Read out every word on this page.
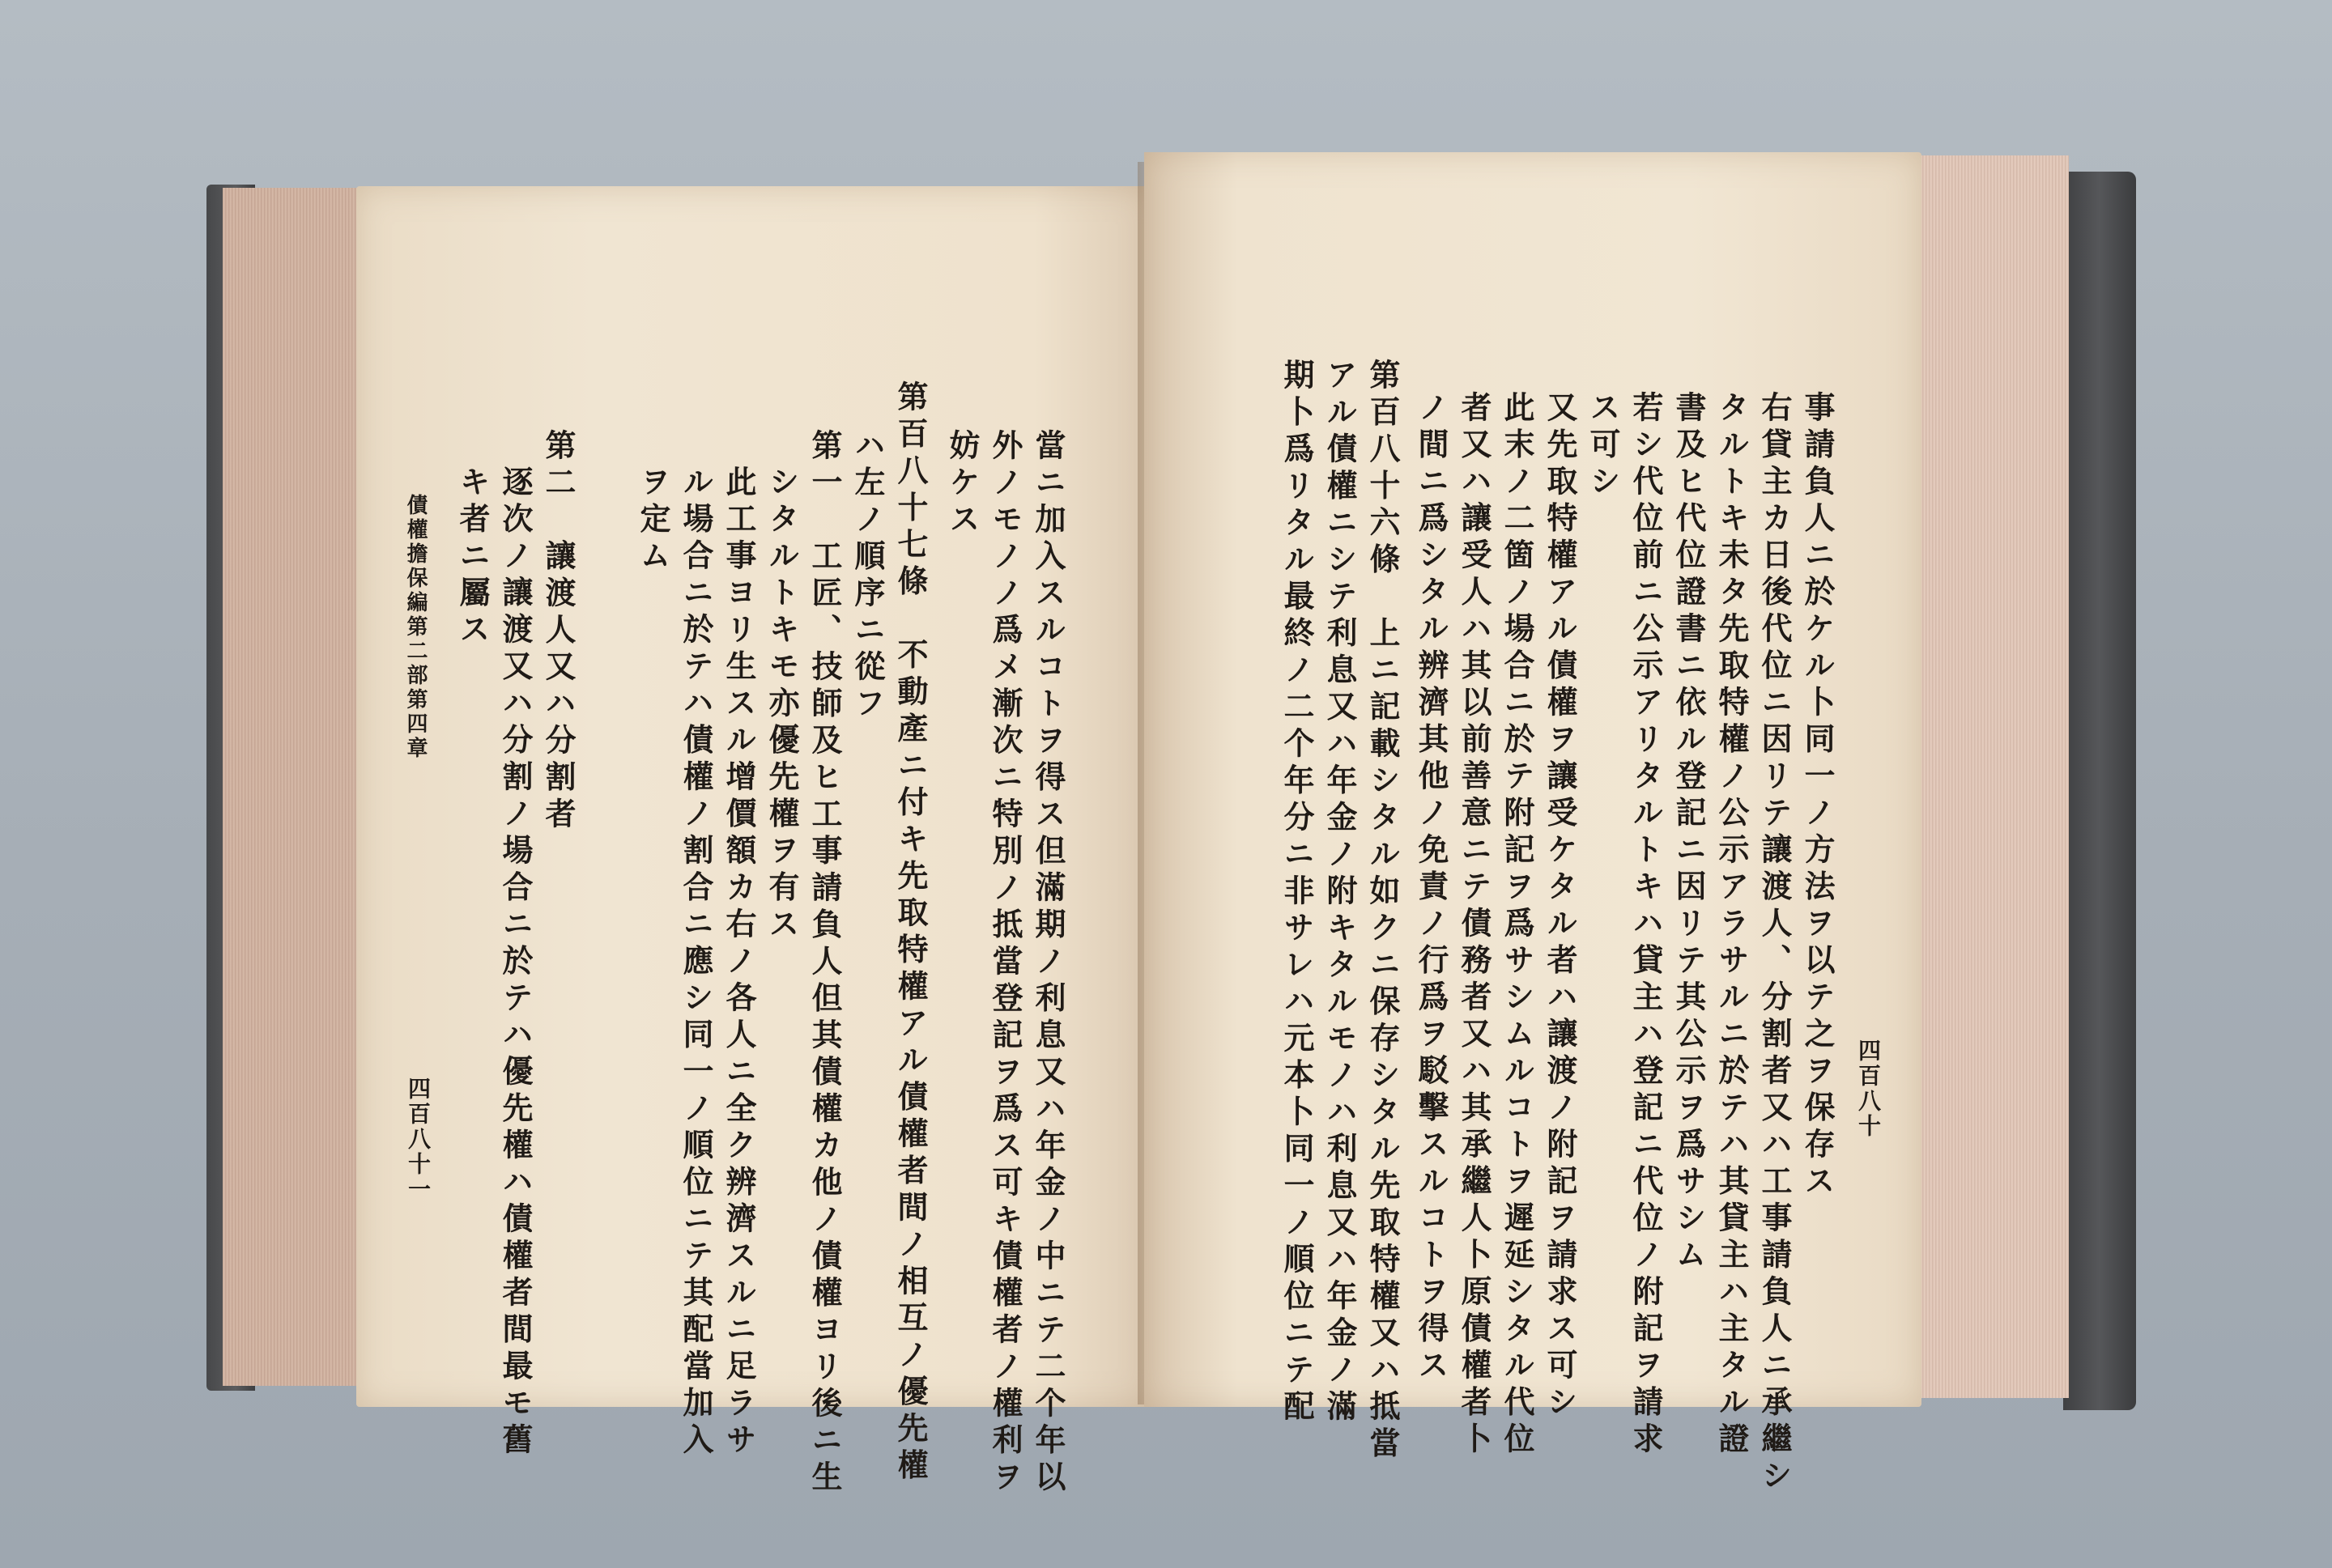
當ニ加入スルコトヲ得ス但滿期ノ利息又ハ年金ノ中ニテ二个年以
外ノモノノ爲メ漸次ニ特別ノ抵當登記ヲ爲ス可キ債權者ノ權利ヲ
妨ケス
第百八十七條　不動產ニ付キ先取特權アル債權者間ノ相互ノ優先權
ハ左ノ順序ニ從フ
第一　工匠、技師及ヒ工事請負人但其債權カ他ノ債權ヨリ後ニ生
シタルトキモ亦優先權ヲ有ス
此工事ヨリ生スル增價額カ右ノ各人ニ全ク辨濟スルニ足ラサ
ル場合ニ於テハ債權ノ割合ニ應シ同一ノ順位ニテ其配當加入
ヲ定ム
第二　讓渡人又ハ分割者
逐次ノ讓渡又ハ分割ノ場合ニ於テハ優先權ハ債權者間最モ舊
キ者ニ屬ス
債權擔保編第二部第四章
四百八十一	四百八十
事請負人ニ於ケル卜同一ノ方法ヲ以テ之ヲ保存ス
右貸主カ日後代位ニ因リテ讓渡人、分割者又ハ工事請負人ニ承繼シ
タルトキ未タ先取特權ノ公示アラサルニ於テハ其貸主ハ主タル證
書及ヒ代位證書ニ依ル登記ニ因リテ其公示ヲ爲サシム
若シ代位前ニ公示アリタルトキハ貸主ハ登記ニ代位ノ附記ヲ請求
ス可シ
又先取特權アル債權ヲ讓受ケタル者ハ讓渡ノ附記ヲ請求ス可シ
此末ノ二箇ノ場合ニ於テ附記ヲ爲サシムルコトヲ遲延シタル代位
者又ハ讓受人ハ其以前善意ニテ債務者又ハ其承繼人卜原債權者卜
ノ間ニ爲シタル辨濟其他ノ免責ノ行爲ヲ駁擊スルコトヲ得ス
第百八十六條　上ニ記載シタル如クニ保存シタル先取特權又ハ抵當
アル債權ニシテ利息又ハ年金ノ附キタルモノハ利息又ハ年金ノ滿
期卜爲リタル最終ノ二个年分ニ非サレハ元本卜同一ノ順位ニテ配
